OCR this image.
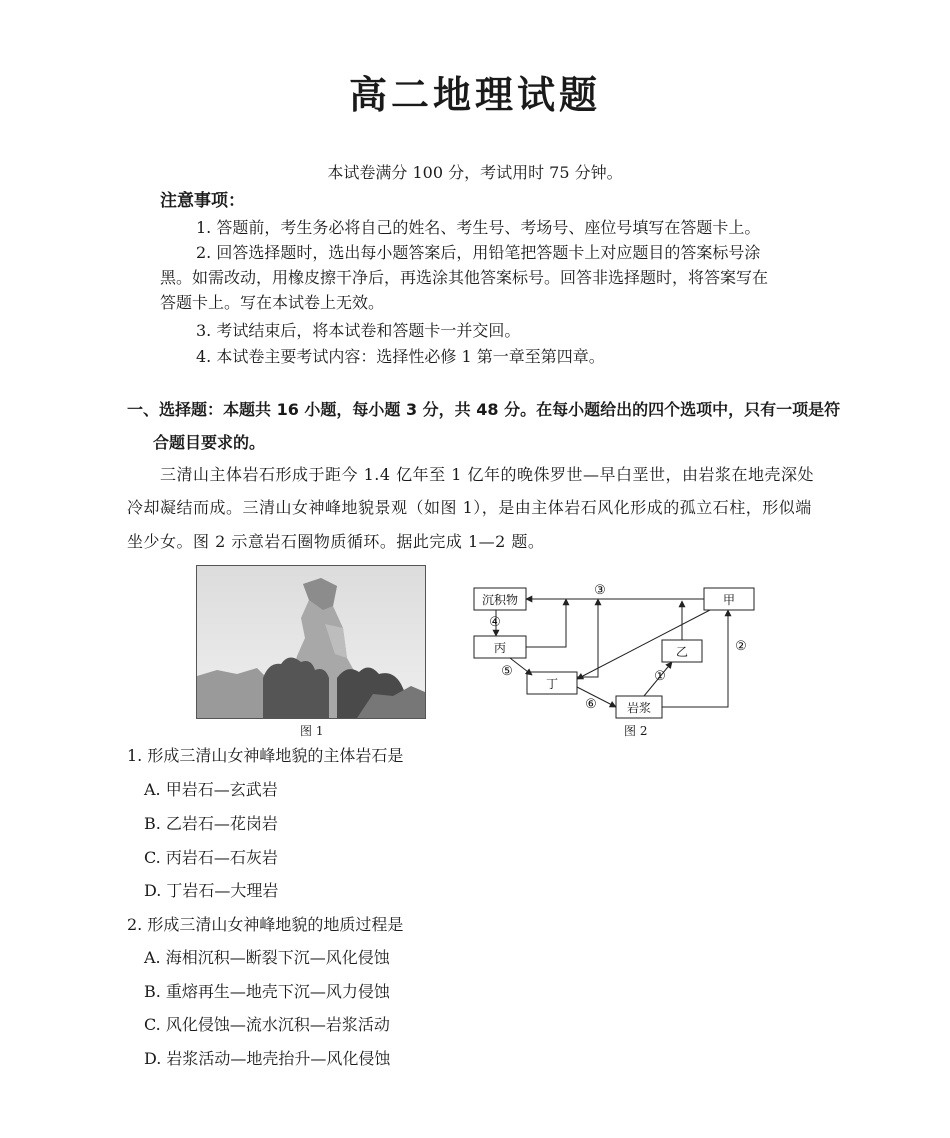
高二地理试题
本试卷满分 100 分，考试用时 75 分钟。
注意事项：
1. 答题前，考生务必将自己的姓名、考生号、考场号、座位号填写在答题卡上。
2. 回答选择题时，选出每小题答案后，用铅笔把答题卡上对应题目的答案标号涂
黑。如需改动，用橡皮擦干净后，再选涂其他答案标号。回答非选择题时，将答案写在
答题卡上。写在本试卷上无效。
3. 考试结束后，将本试卷和答题卡一并交回。
4. 本试卷主要考试内容：选择性必修 1 第一章至第四章。
一、选择题：本题共 16 小题，每小题 3 分，共 48 分。在每小题给出的四个选项中，只有一项是符
合题目要求的。
三清山主体岩石形成于距今 1.4 亿年至 1 亿年的晚侏罗世—早白垩世，由岩浆在地壳深处
冷却凝结而成。三清山女神峰地貌景观（如图 1），是由主体岩石风化形成的孤立石柱，形似端
坐少女。图 2 示意岩石圈物质循环。据此完成 1—2 题。
图 1
沉积物	甲
丙	乙
丁
岩浆
③
④
⑤
⑥
①
②
图 2
1. 形成三清山女神峰地貌的主体岩石是
A. 甲岩石—玄武岩
B. 乙岩石—花岗岩
C. 丙岩石—石灰岩
D. 丁岩石—大理岩
2. 形成三清山女神峰地貌的地质过程是
A. 海相沉积—断裂下沉—风化侵蚀
B. 重熔再生—地壳下沉—风力侵蚀
C. 风化侵蚀—流水沉积—岩浆活动
D. 岩浆活动—地壳抬升—风化侵蚀
